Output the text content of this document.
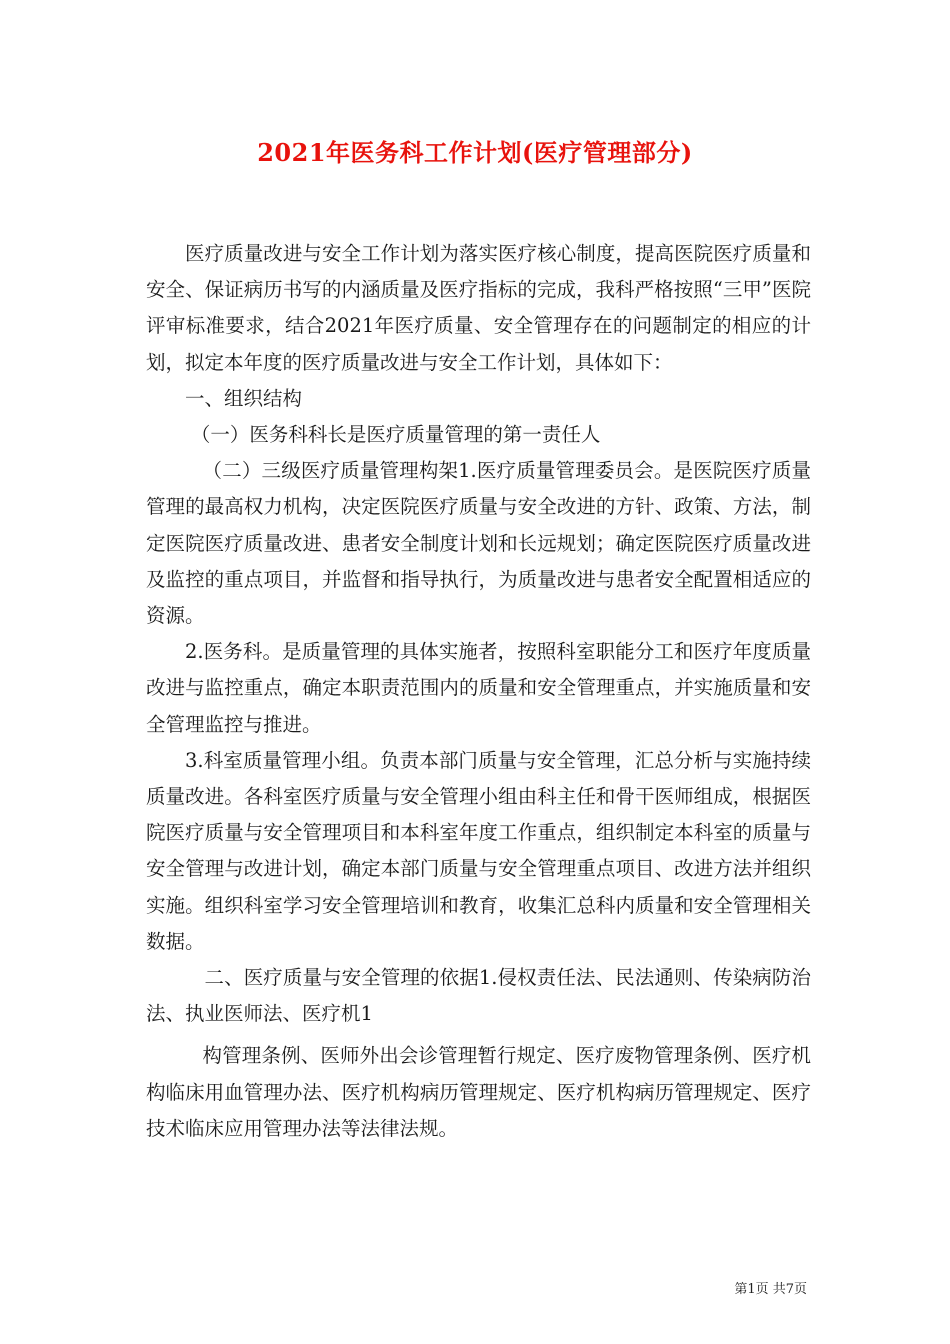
2021年医务科工作计划(医疗管理部分)

医疗质量改进与安全工作计划为落实医疗核心制度，提高医院医疗质量和安全、保证病历书写的内涵质量及医疗指标的完成，我科严格按照“三甲”医院评审标准要求，结合2021年医疗质量、安全管理存在的问题制定的相应的计划，拟定本年度的医疗质量改进与安全工作计划，具体如下：

一、组织结构

（一）医务科科长是医疗质量管理的第一责任人

（二）三级医疗质量管理构架1.医疗质量管理委员会。是医院医疗质量管理的最高权力机构，决定医院医疗质量与安全改进的方针、政策、方法，制定医院医疗质量改进、患者安全制度计划和长远规划；确定医院医疗质量改进及监控的重点项目，并监督和指导执行，为质量改进与患者安全配置相适应的资源。

2.医务科。是质量管理的具体实施者，按照科室职能分工和医疗年度质量改进与监控重点，确定本职责范围内的质量和安全管理重点，并实施质量和安全管理监控与推进。

3.科室质量管理小组。负责本部门质量与安全管理，汇总分析与实施持续质量改进。各科室医疗质量与安全管理小组由科主任和骨干医师组成，根据医院医疗质量与安全管理项目和本科室年度工作重点，组织制定本科室的质量与安全管理与改进计划，确定本部门质量与安全管理重点项目、改进方法并组织实施。组织科室学习安全管理培训和教育，收集汇总科内质量和安全管理相关数据。

二、医疗质量与安全管理的依据1.侵权责任法、民法通则、传染病防治法、执业医师法、医疗机1

构管理条例、医师外出会诊管理暂行规定、医疗废物管理条例、医疗机构临床用血管理办法、医疗机构病历管理规定、医疗机构病历管理规定、医疗技术临床应用管理办法等法律法规。

第1页 共7页
